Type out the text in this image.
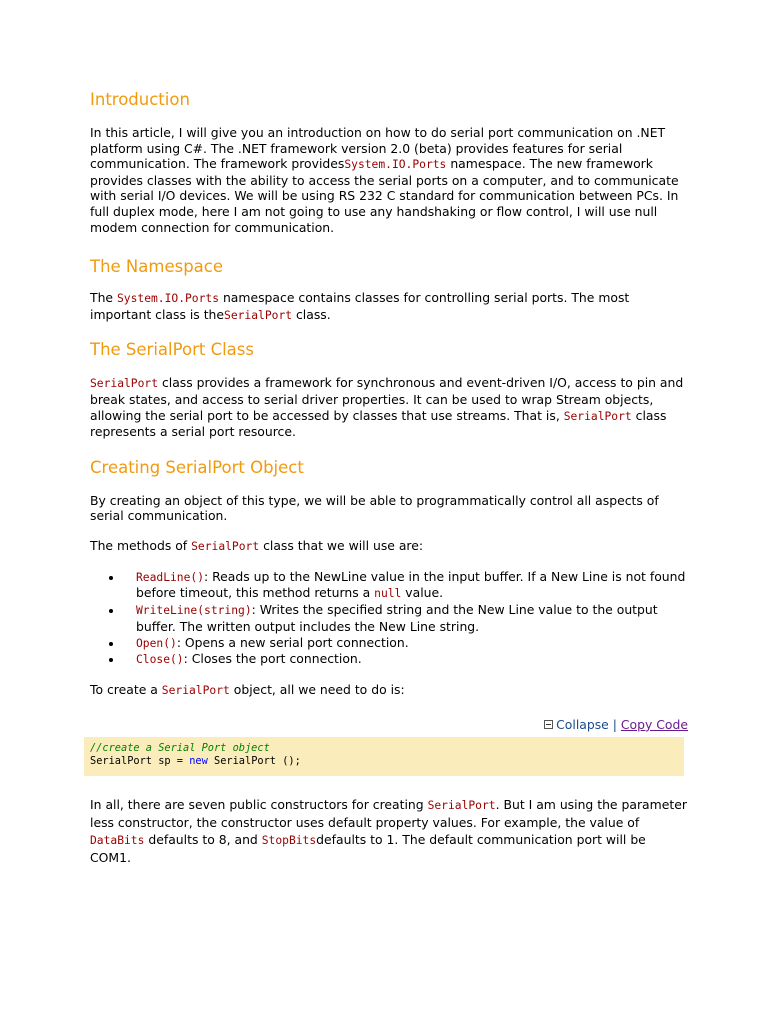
Introduction

In this article, I will give you an introduction on how to do serial port communication on .NET platform using C#. The .NET framework version 2.0 (beta) provides features for serial communication. The framework providesSystem.IO.Ports namespace. The new framework provides classes with the ability to access the serial ports on a computer, and to communicate with serial I/O devices. We will be using RS 232 C standard for communication between PCs. In full duplex mode, here I am not going to use any handshaking or flow control, I will use null modem connection for communication.

The Namespace

The System.IO.Ports namespace contains classes for controlling serial ports. The most important class is theSerialPort class.

The SerialPort Class

SerialPort class provides a framework for synchronous and event-driven I/O, access to pin and break states, and access to serial driver properties. It can be used to wrap Stream objects, allowing the serial port to be accessed by classes that use streams. That is, SerialPort class represents a serial port resource.

Creating SerialPort Object

By creating an object of this type, we will be able to programmatically control all aspects of serial communication.

The methods of SerialPort class that we will use are:

ReadLine(): Reads up to the NewLine value in the input buffer. If a New Line is not found before timeout, this method returns a null value.
WriteLine(string): Writes the specified string and the New Line value to the output buffer. The written output includes the New Line string.
Open(): Opens a new serial port connection.
Close(): Closes the port connection.

To create a SerialPort object, all we need to do is:

Collapse | Copy Code
//create a Serial Port object
SerialPort sp = new SerialPort ();

In all, there are seven public constructors for creating SerialPort. But I am using the parameter less constructor, the constructor uses default property values. For example, the value of DataBits defaults to 8, and StopBitsdefaults to 1. The default communication port will be COM1.
